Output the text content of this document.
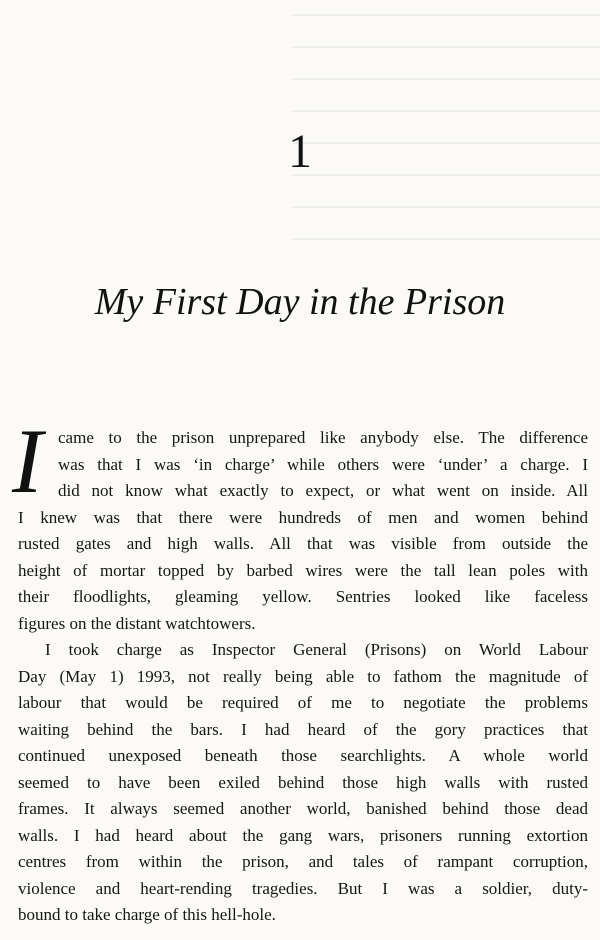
──────────────────────────────
──────────────────────────────
──────────────────────────────
──────────────────────────────
──────────────────────────────
──────────────────────────────
──────────────────────────────
──────────────────────────────
1
My First Day in the Prison
I came to the prison unprepared like anybody else. The difference
was that I was ‘in charge’ while others were ‘under’ a charge. I
did not know what exactly to expect, or what went on inside. All
I knew was that there were hundreds of men and women behind
rusted gates and high walls. All that was visible from outside the
height of mortar topped by barbed wires were the tall lean poles with
their floodlights, gleaming yellow. Sentries looked like faceless
figures on the distant watchtowers.
I took charge as Inspector General (Prisons) on World Labour
Day (May 1) 1993, not really being able to fathom the magnitude of
labour that would be required of me to negotiate the problems
waiting behind the bars. I had heard of the gory practices that
continued unexposed beneath those searchlights. A whole world
seemed to have been exiled behind those high walls with rusted
frames. It always seemed another world, banished behind those dead
walls. I had heard about the gang wars, prisoners running extortion
centres from within the prison, and tales of rampant corruption,
violence and heart-rending tragedies. But I was a soldier, duty-
bound to take charge of this hell-hole.
